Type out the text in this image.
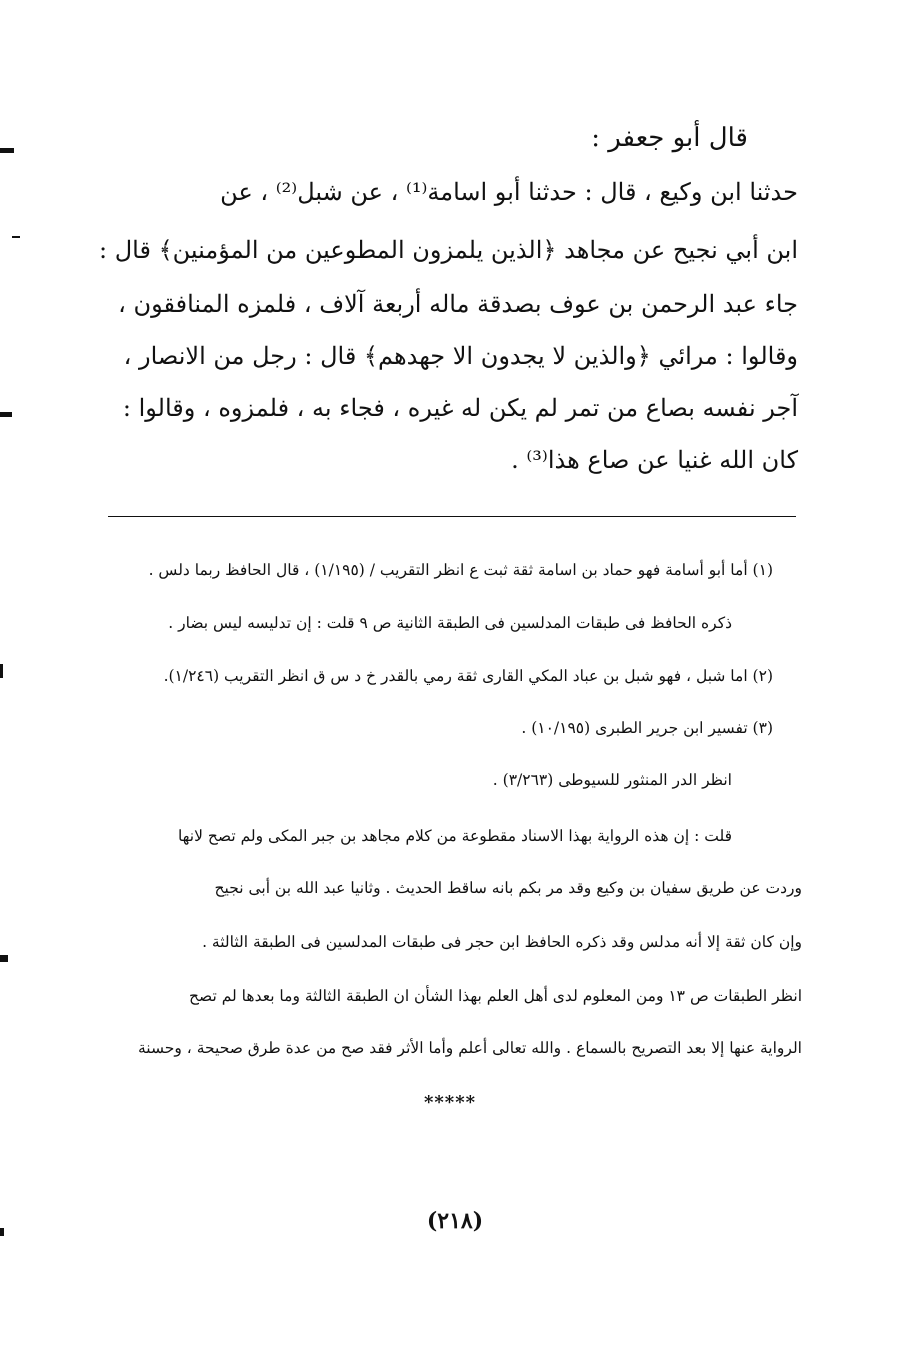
قال أبو جعفر :
حدثنا ابن وكيع ، قال : حدثنا أبو اسامة⁽¹⁾ ، عن شبل⁽²⁾ ، عن
ابن أبي نجيح عن مجاهد ﴿الذين يلمزون المطوعين من المؤمنين﴾ قال :
جاء عبد الرحمن بن عوف بصدقة ماله أربعة آلاف ، فلمزه المنافقون ،
وقالوا : مرائي ﴿والذين لا يجدون الا جهدهم﴾ قال : رجل من الانصار ،
آجر نفسه بصاع من تمر لم يكن له غيره ، فجاء به ، فلمزوه ، وقالوا :
كان الله غنيا عن صاع هذا⁽³⁾ .
(١) أما أبو أسامة فهو حماد بن اسامة ثقة ثبت ع انظر التقريب / (١/١٩٥) ، قال الحافظ ربما دلس .
ذكره الحافظ فى طبقات المدلسين فى الطبقة الثانية ص ٩ قلت : إن تدليسه ليس بضار .
(٢) اما شبل ، فهو شبل بن عباد المكي القارى ثقة رمي بالقدر خ د س ق انظر التقريب (١/٢٤٦).
(٣) تفسير ابن جرير الطبرى (١٠/١٩٥) .
انظر الدر المنثور للسيوطى (٣/٢٦٣) .
قلت : إن هذه الرواية بهذا الاسناد مقطوعة من كلام مجاهد بن جبر المكى ولم تصح لانها
وردت عن طريق سفيان بن وكيع وقد مر بكم بانه ساقط الحديث . وثانيا عبد الله بن أبى نجيح
وإن كان ثقة إلا أنه مدلس وقد ذكره الحافظ ابن حجر فى طبقات المدلسين فى الطبقة الثالثة .
انظر الطبقات ص ١٣ ومن المعلوم لدى أهل العلم بهذا الشأن ان الطبقة الثالثة وما بعدها لم تصح
الرواية عنها إلا بعد التصريح بالسماع . والله تعالى أعلم وأما الأثر فقد صح من عدة طرق صحيحة ، وحسنة
*****
(٢١٨)
